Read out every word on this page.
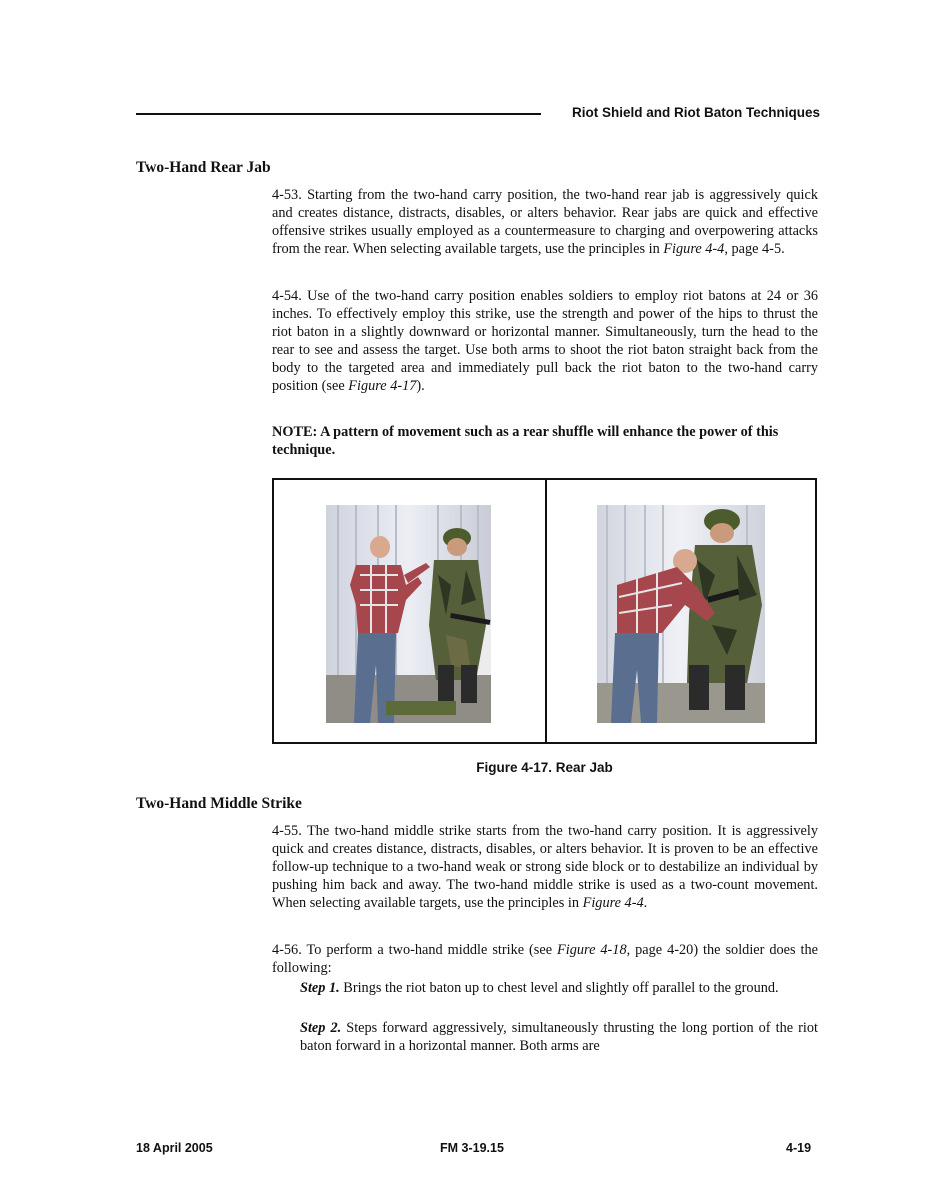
Riot Shield and Riot Baton Techniques
Two-Hand Rear Jab

4-53. Starting from the two-hand carry position, the two-hand rear jab is aggressively quick and creates distance, distracts, disables, or alters behavior. Rear jabs are quick and effective offensive strikes usually employed as a countermeasure to charging and overpowering attacks from the rear. When selecting available targets, use the principles in Figure 4-4, page 4-5.

4-54. Use of the two-hand carry position enables soldiers to employ riot batons at 24 or 36 inches. To effectively employ this strike, use the strength and power of the hips to thrust the riot baton in a slightly downward or horizontal manner. Simultaneously, turn the head to the rear to see and assess the target. Use both arms to shoot the riot baton straight back from the body to the targeted area and immediately pull back the riot baton to the two-hand carry position (see Figure 4-17).

NOTE: A pattern of movement such as a rear shuffle will enhance the power of this technique.

Figure 4-17. Rear Jab
Two-Hand Middle Strike

4-55. The two-hand middle strike starts from the two-hand carry position. It is aggressively quick and creates distance, distracts, disables, or alters behavior. It is proven to be an effective follow-up technique to a two-hand weak or strong side block or to destabilize an individual by pushing him back and away. The two-hand middle strike is used as a two-count movement. When selecting available targets, use the principles in Figure 4-4.

4-56. To perform a two-hand middle strike (see Figure 4-18, page 4-20) the soldier does the following:

Step 1. Brings the riot baton up to chest level and slightly off parallel to the ground.

Step 2. Steps forward aggressively, simultaneously thrusting the long portion of the riot baton forward in a horizontal manner. Both arms are

18 April 2005	FM 3-19.15	4-19
